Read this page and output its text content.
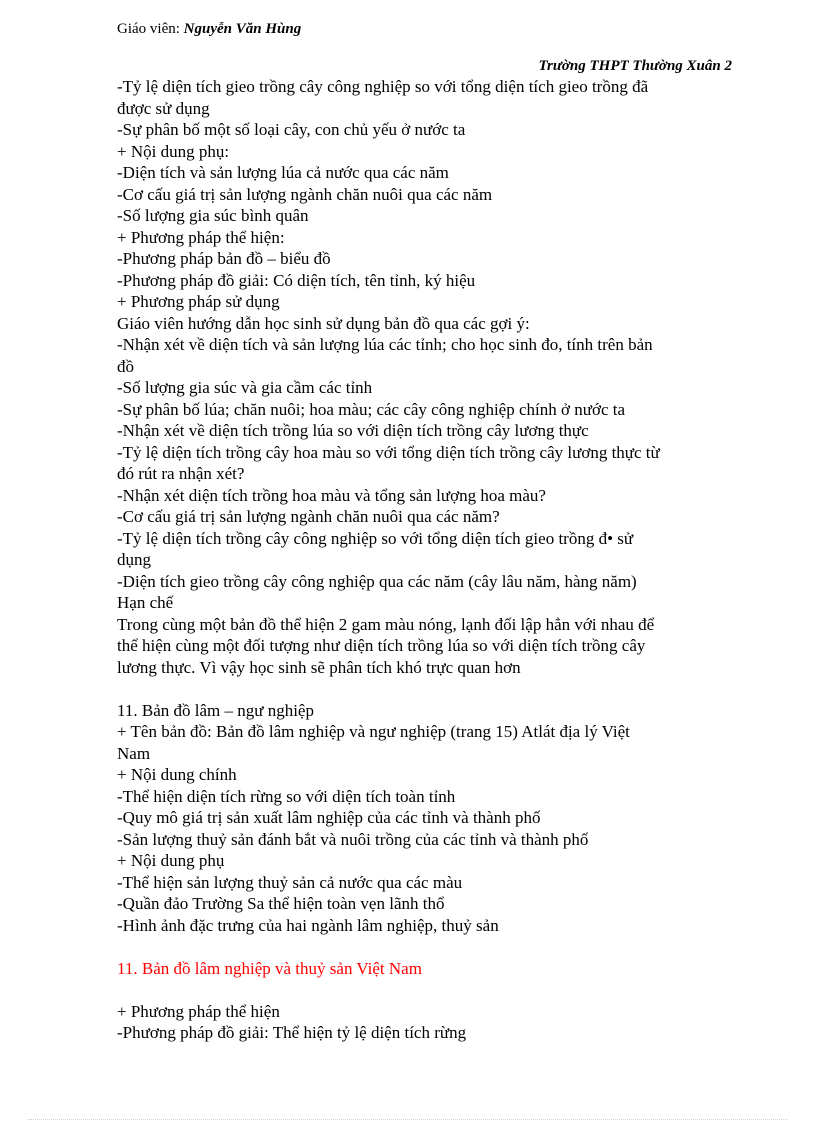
Giáo viên: Nguyễn Văn Hùng
Trường THPT Thường Xuân 2

-Tỷ lệ diện tích gieo trồng cây công nghiệp so với tổng diện tích gieo trồng đã

được sử dụng

-Sự phân bố một số loại cây, con chủ yếu ở nước ta

+ Nội dung phụ:

-Diện tích và sản lượng lúa cả nước qua các năm

-Cơ cấu giá trị sản lượng ngành chăn nuôi qua các năm

-Số lượng gia súc bình quân

+ Phương pháp thể hiện:

-Phương pháp bản đồ – biểu đồ

-Phương pháp đồ giải: Có diện tích, tên tỉnh, ký hiệu

+ Phương pháp sử dụng

Giáo viên hướng dẫn học sinh sử dụng bản đồ qua các gợi ý:

-Nhận xét về diện tích và sản lượng lúa các tỉnh; cho học sinh đo, tính trên bản

đồ

-Số lượng gia súc và gia cầm các tỉnh

-Sự phân bố lúa; chăn nuôi; hoa màu; các cây công nghiệp chính ở nước ta

-Nhận xét về diện tích trồng lúa so với diện tích trồng cây lương thực

-Tỷ lệ diện tích trồng cây hoa màu so với tổng diện tích trồng cây lương thực từ

đó rút ra nhận xét?

-Nhận xét diện tích trồng hoa màu và tổng sản lượng hoa màu?

-Cơ cấu giá trị sản lượng ngành chăn nuôi qua các năm?

-Tỷ lệ diện tích trồng cây công nghiệp so với tổng diện tích gieo trồng đ• sử

dụng

-Diện tích gieo trồng cây công nghiệp qua các năm (cây lâu năm, hàng năm)

Hạn chế

Trong cùng một bản đồ thể hiện 2 gam màu nóng, lạnh đối lập hẳn với nhau để

thể hiện cùng một đối tượng như diện tích trồng lúa so với diện tích trồng cây

lương thực. Vì vậy học sinh sẽ phân tích khó trực quan hơn

11. Bản đồ lâm – ngư nghiệp

+ Tên bản đồ: Bản đồ lâm nghiệp và ngư nghiệp (trang 15) Atlát địa lý Việt

Nam

+ Nội dung chính

-Thể hiện diện tích rừng so với diện tích toàn tỉnh

-Quy mô giá trị sản xuất lâm nghiệp của các tỉnh và thành phố

-Sản lượng thuỷ sản đánh bắt và nuôi trồng của các tỉnh và thành phố

+ Nội dung phụ

-Thể hiện sản lượng thuỷ sản cả nước qua các màu

-Quần đảo Trường Sa thể hiện toàn vẹn lãnh thổ

-Hình ảnh đặc trưng của hai ngành lâm nghiệp, thuỷ sản

11. Bản đồ lâm nghiệp và thuỷ sản Việt Nam

+ Phương pháp thể hiện

-Phương pháp đồ giải: Thể hiện tỷ lệ diện tích rừng
